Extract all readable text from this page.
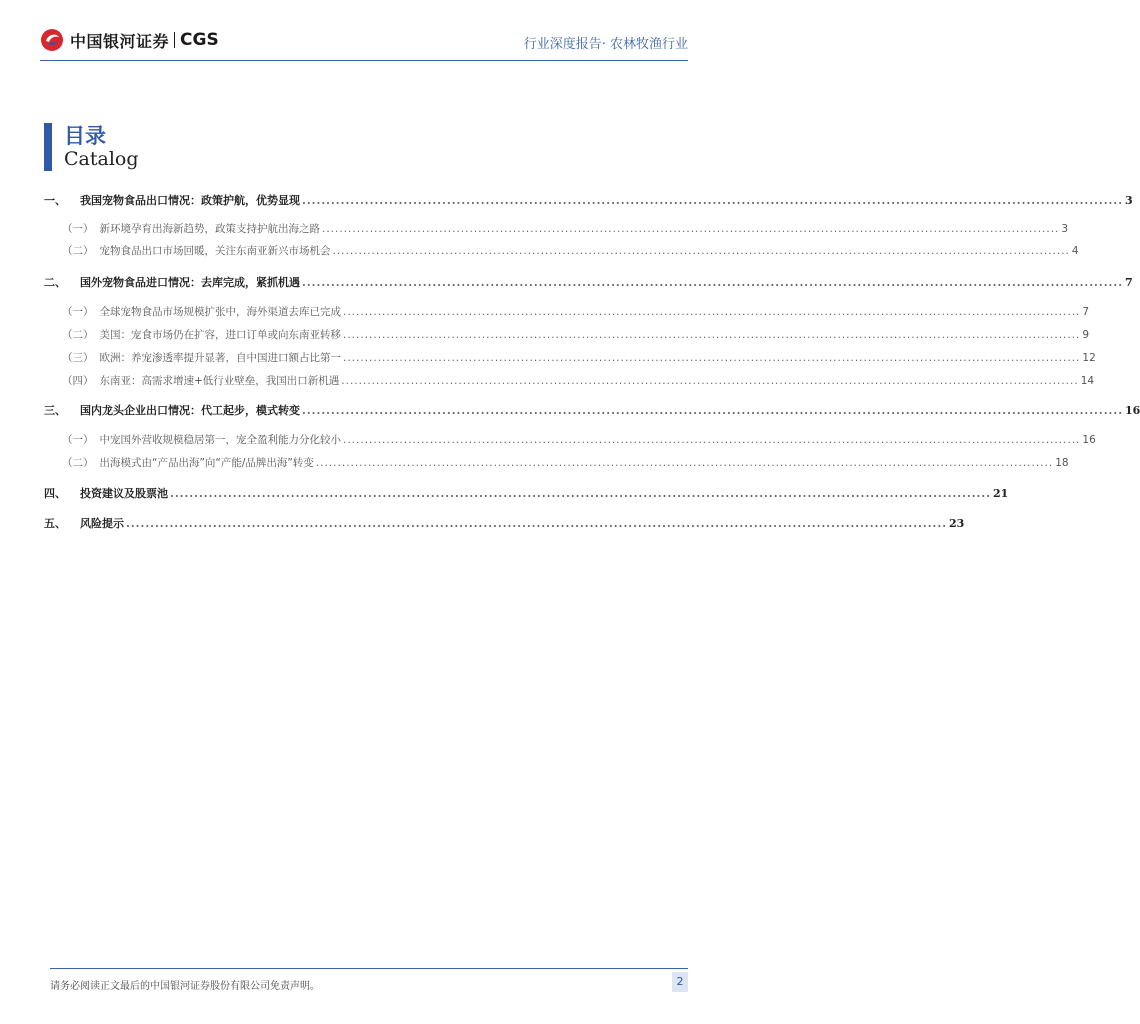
中国银河证券 CGS	行业深度报告· 农林牧渔行业
目录
Catalog
一、 我国宠物食品出口情况：政策护航，优势显现 .......................................................................................................................................................................... 3
（一） 新环境孕育出海新趋势，政策支持护航出海之路 .......................................................................................................................................................................... 3
（二） 宠物食品出口市场回暖，关注东南亚新兴市场机会 .......................................................................................................................................................................... 4
二、 国外宠物食品进口情况：去库完成，紧抓机遇 .......................................................................................................................................................................... 7
（一） 全球宠物食品市场规模扩张中，海外渠道去库已完成 .......................................................................................................................................................................... 7
（二） 美国：宠食市场仍在扩容，进口订单或向东南亚转移 .......................................................................................................................................................................... 9
（三） 欧洲：养宠渗透率提升显著，自中国进口额占比第一 .......................................................................................................................................................................... 12
（四） 东南亚：高需求增速+低行业壁垒，我国出口新机遇 .......................................................................................................................................................................... 14
三、 国内龙头企业出口情况：代工起步，模式转变 .......................................................................................................................................................................... 16
（一） 中宠国外营收规模稳居第一，宠全盈利能力分化较小 .......................................................................................................................................................................... 16
（二） 出海模式由“产品出海”向“产能/品牌出海”转变 .......................................................................................................................................................................... 18
四、 投资建议及股票池 .......................................................................................................................................................................... 21
五、 风险提示 .......................................................................................................................................................................... 23
请务必阅读正文最后的中国银河证券股份有限公司免责声明。	2
